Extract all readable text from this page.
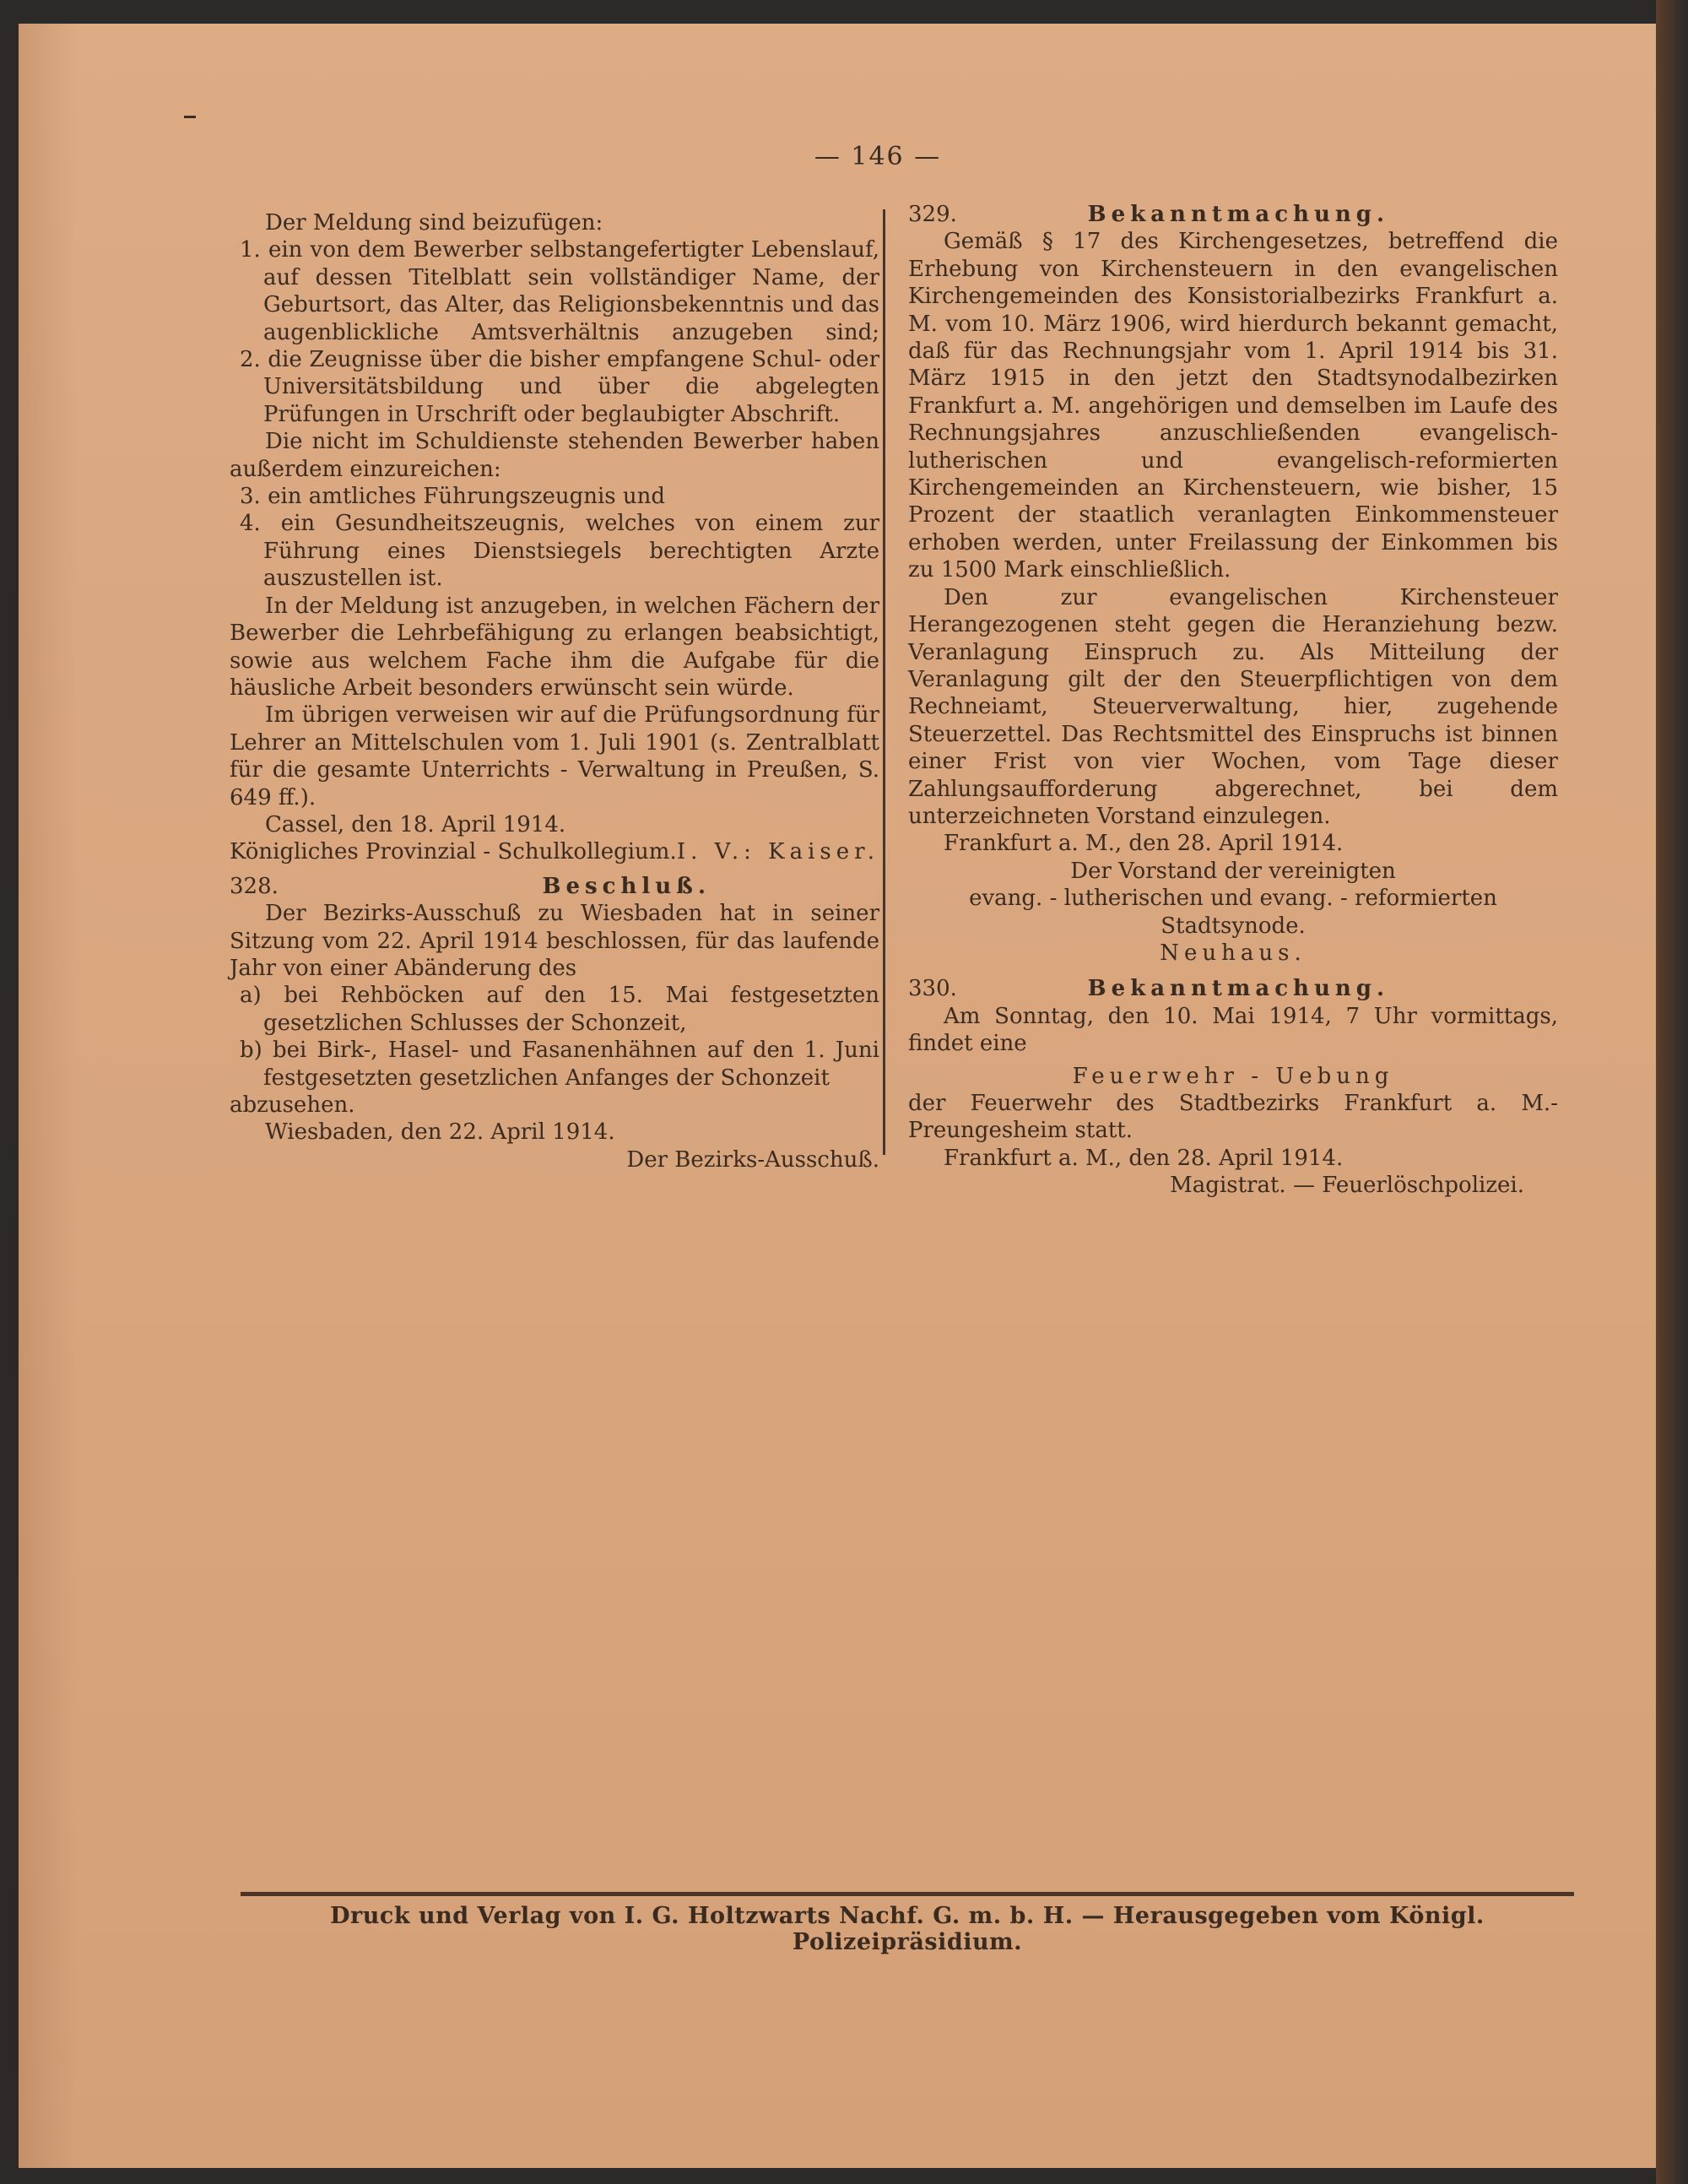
— 146 —

Der Meldung sind beizufügen:

1. ein von dem Bewerber selbstangefertigter Lebenslauf, auf dessen Titelblatt sein vollständiger Name, der Geburtsort, das Alter, das Religionsbekenntnis und das augenblickliche Amtsverhältnis anzugeben sind;

2. die Zeugnisse über die bisher empfangene Schul- oder Universitätsbildung und über die abgelegten Prüfungen in Urschrift oder beglaubigter Abschrift.

Die nicht im Schuldienste stehenden Bewerber haben außerdem einzureichen:

3. ein amtliches Führungszeugnis und

4. ein Gesundheitszeugnis, welches von einem zur Führung eines Dienstsiegels berechtigten Arzte auszustellen ist.

In der Meldung ist anzugeben, in welchen Fächern der Bewerber die Lehrbefähigung zu erlangen beabsichtigt, sowie aus welchem Fache ihm die Aufgabe für die häusliche Arbeit besonders erwünscht sein würde.

Im übrigen verweisen wir auf die Prüfungsordnung für Lehrer an Mittelschulen vom 1. Juli 1901 (s. Zentralblatt für die gesamte Unterrichts - Verwaltung in Preußen, S. 649 ff.).

Cassel, den 18. April 1914.

Königliches Provinzial - Schulkollegium. I. V.: Kaiser.

328.	Beschluß.

Der Bezirks-Ausschuß zu Wiesbaden hat in seiner Sitzung vom 22. April 1914 beschlossen, für das laufende Jahr von einer Abänderung des

a) bei Rehböcken auf den 15. Mai festgesetzten gesetzlichen Schlusses der Schonzeit,

b) bei Birk-, Hasel- und Fasanenhähnen auf den 1. Juni festgesetzten gesetzlichen Anfanges der Schonzeit

abzusehen.

Wiesbaden, den 22. April 1914.

Der Bezirks-Ausschuß.

329.	Bekanntmachung.

Gemäß § 17 des Kirchengesetzes, betreffend die Erhebung von Kirchensteuern in den evangelischen Kirchengemeinden des Konsistorialbezirks Frankfurt a. M. vom 10. März 1906, wird hierdurch bekannt gemacht, daß für das Rechnungsjahr vom 1. April 1914 bis 31. März 1915 in den jetzt den Stadtsynodalbezirken Frankfurt a. M. angehörigen und demselben im Laufe des Rechnungsjahres anzuschließenden evangelisch-lutherischen und evangelisch-reformierten Kirchengemeinden an Kirchensteuern, wie bisher, 15 Prozent der staatlich veranlagten Einkommensteuer erhoben werden, unter Freilassung der Einkommen bis zu 1500 Mark einschließlich.

Den zur evangelischen Kirchensteuer Herangezogenen steht gegen die Heranziehung bezw. Veranlagung Einspruch zu. Als Mitteilung der Veranlagung gilt der den Steuerpflichtigen von dem Rechneiamt, Steuerverwaltung, hier, zugehende Steuerzettel. Das Rechtsmittel des Einspruchs ist binnen einer Frist von vier Wochen, vom Tage dieser Zahlungsaufforderung abgerechnet, bei dem unterzeichneten Vorstand einzulegen.

Frankfurt a. M., den 28. April 1914.

Der Vorstand der vereinigten

evang. - lutherischen und evang. - reformierten Stadtsynode.

Neuhaus.

330.	Bekanntmachung.

Am Sonntag, den 10. Mai 1914, 7 Uhr vormittags, findet eine

Feuerwehr - Uebung

der Feuerwehr des Stadtbezirks Frankfurt a. M.-Preungesheim statt.

Frankfurt a. M., den 28. April 1914.

Magistrat. — Feuerlöschpolizei.

Druck und Verlag von I. G. Holtzwarts Nachf. G. m. b. H. — Herausgegeben vom Königl. Polizeipräsidium.
